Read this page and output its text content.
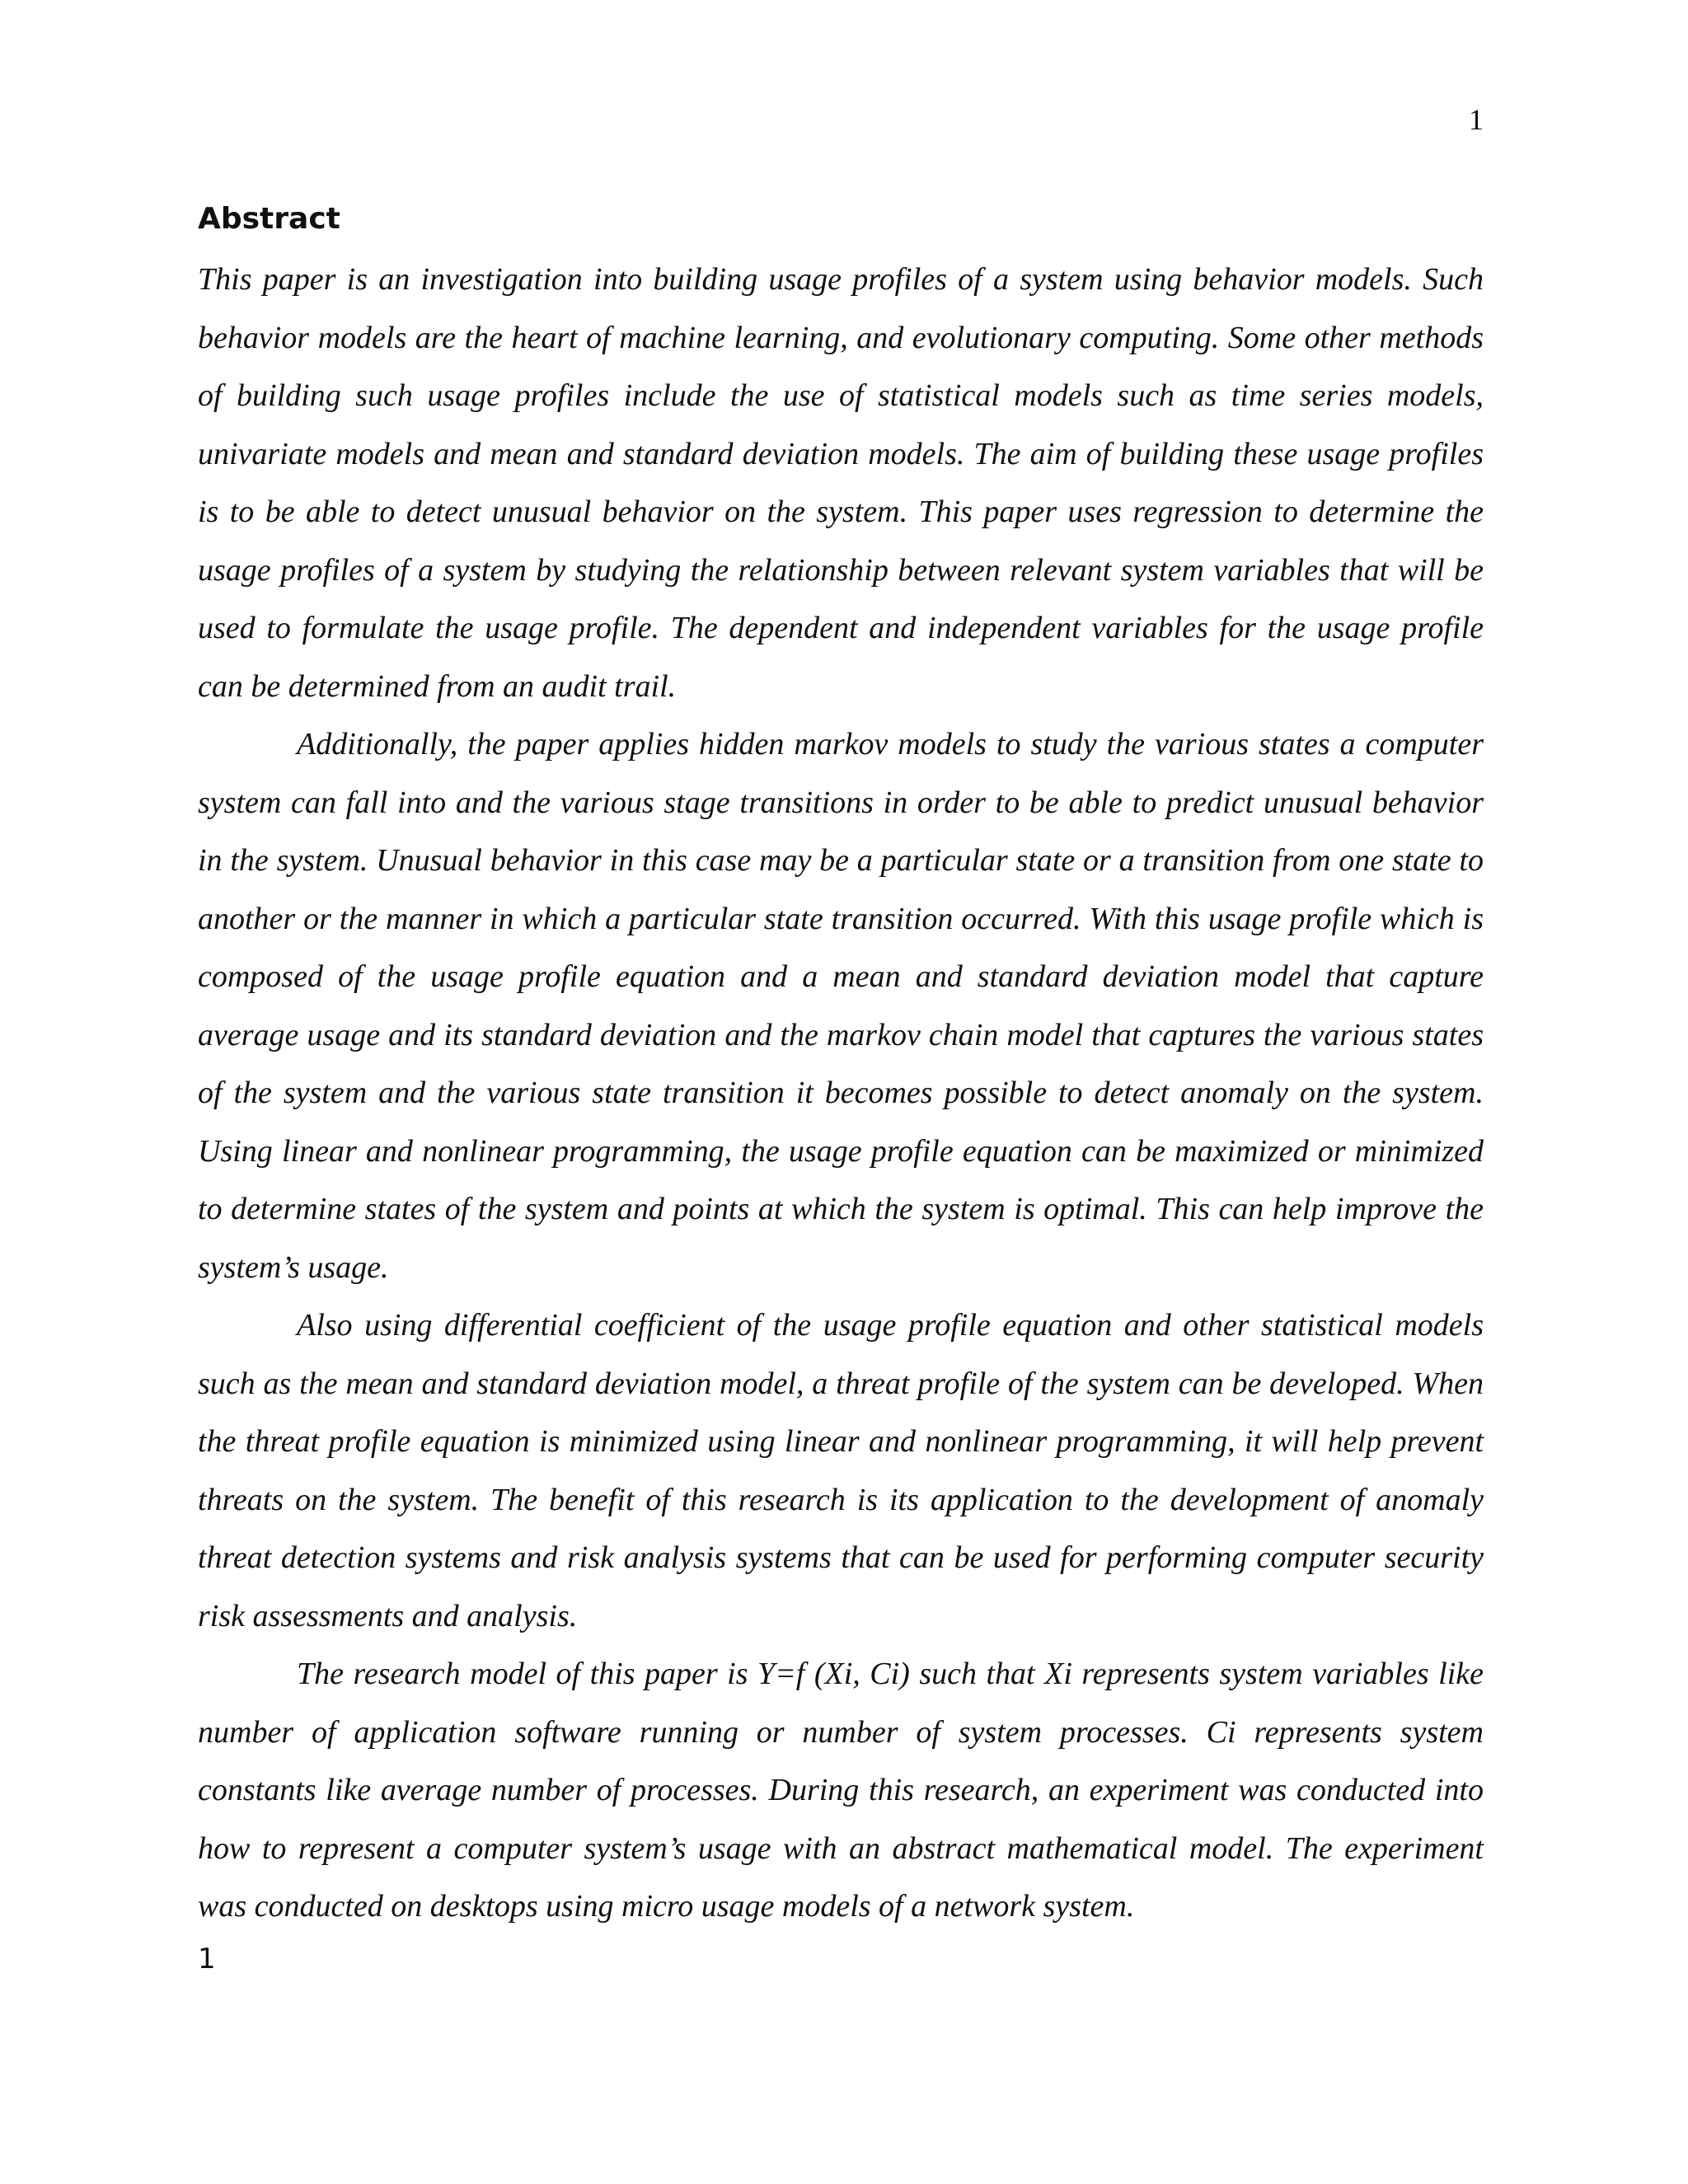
1
Abstract

This paper is an investigation into building usage profiles of a system using behavior models. Such behavior models are the heart of machine learning, and evolutionary computing. Some other methods of building such usage profiles include the use of statistical models such as time series models, univariate models and mean and standard deviation models. The aim of building these usage profiles is to be able to detect unusual behavior on the system. This paper uses regression to determine the usage profiles of a system by studying the relationship between relevant system variables that will be used to formulate the usage profile. The dependent and independent variables for the usage profile can be determined from an audit trail.

Additionally, the paper applies hidden markov models to study the various states a computer system can fall into and the various stage transitions in order to be able to predict unusual behavior in the system. Unusual behavior in this case may be a particular state or a transition from one state to another or the manner in which a particular state transition occurred. With this usage profile which is composed of the usage profile equation and a mean and standard deviation model that capture average usage and its standard deviation and the markov chain model that captures the various states of the system and the various state transition it becomes possible to detect anomaly on the system. Using linear and nonlinear programming, the usage profile equation can be maximized or minimized to determine states of the system and points at which the system is optimal. This can help improve the system’s usage.

Also using differential coefficient of the usage profile equation and other statistical models such as the mean and standard deviation model, a threat profile of the system can be developed. When the threat profile equation is minimized using linear and nonlinear programming, it will help prevent threats on the system. The benefit of this research is its application to the development of anomaly threat detection systems and risk analysis systems that can be used for performing computer security risk assessments and analysis.

The research model of this paper is Y=f (Xi, Ci) such that Xi represents system variables like number of application software running or number of system processes. Ci represents system constants like average number of processes. During this research, an experiment was conducted into how to represent a computer system’s usage with an abstract mathematical model. The experiment was conducted on desktops using micro usage models of a network system.

1
